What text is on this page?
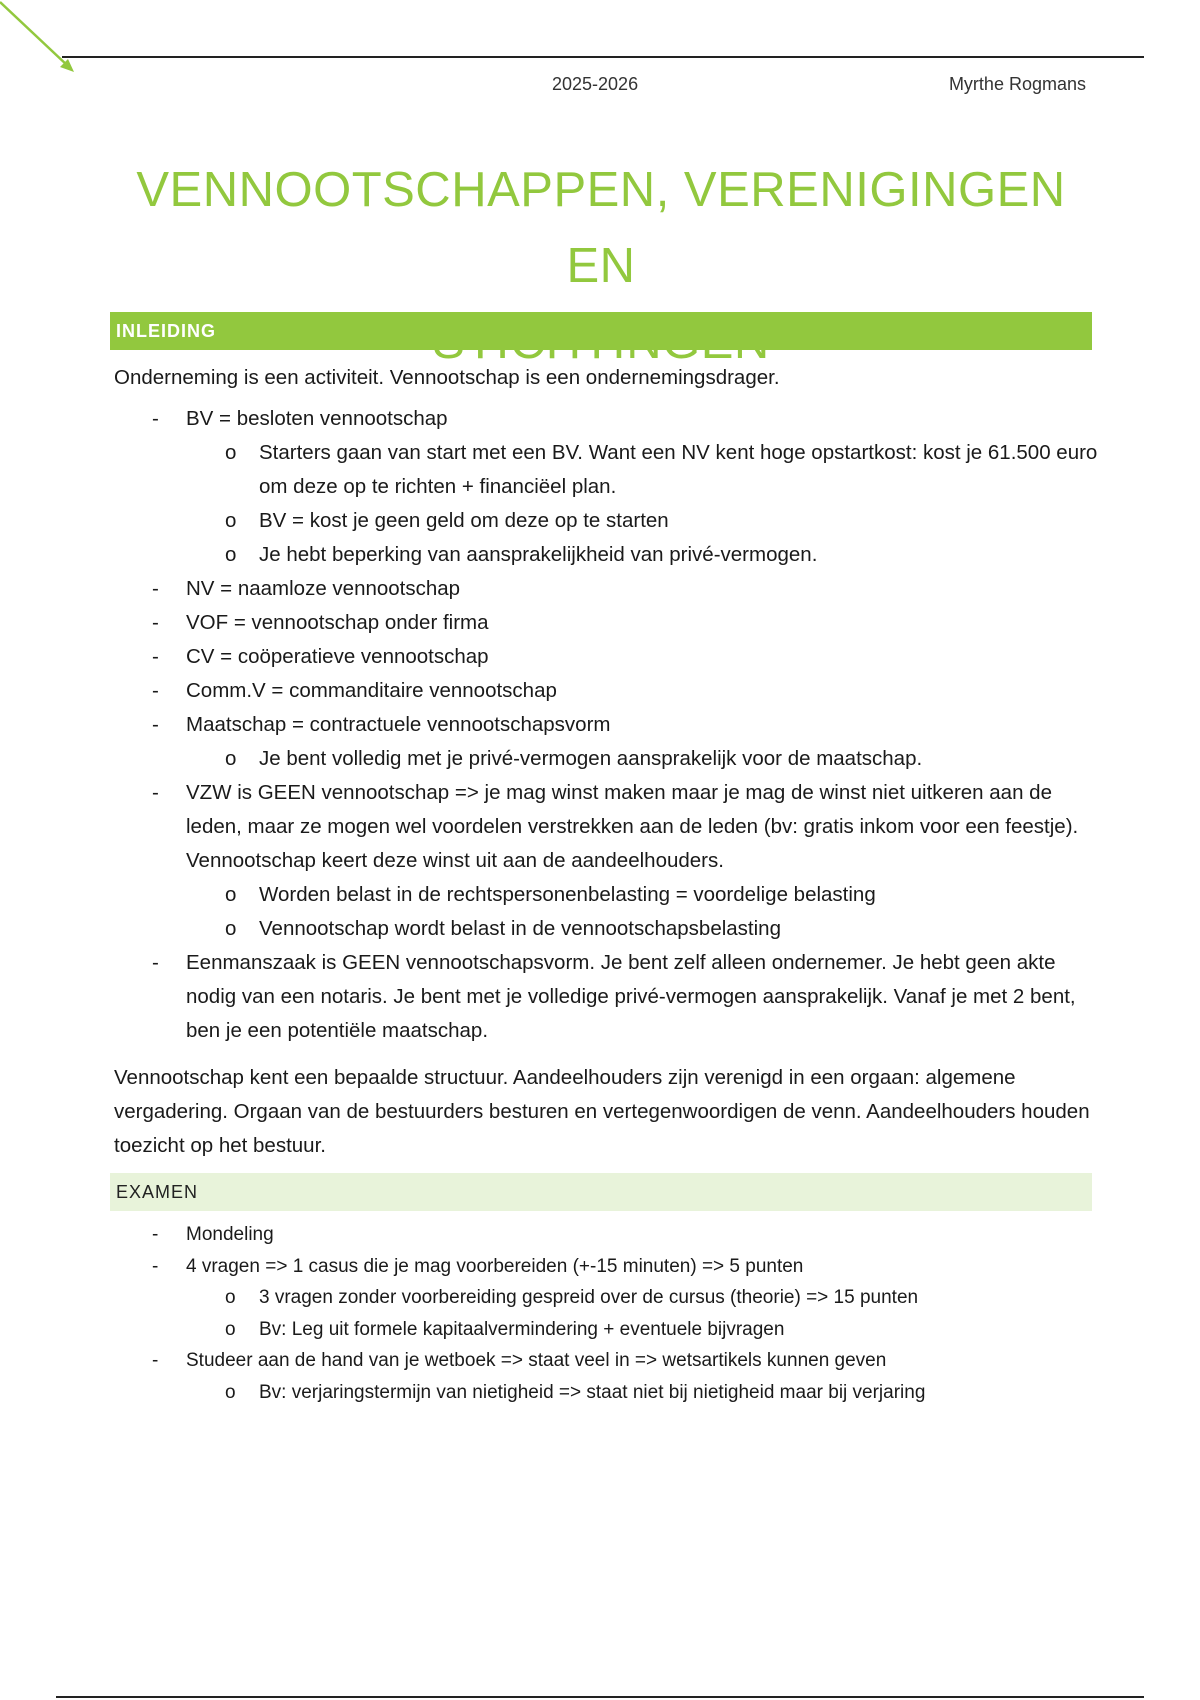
2025-2026	Myrthe Rogmans
VENNOOTSCHAPPEN, VERENIGINGEN EN

INLEIDING

Onderneming is een activiteit. Vennootschap is een ondernemingsdrager.

- BV = besloten vennootschap
o Starters gaan van start met een BV. Want een NV kent hoge opstartkost: kost je 61.500 euro om deze op te richten + financiëel plan.
o BV = kost je geen geld om deze op te starten
o Je hebt beperking van aansprakelijkheid van privé-vermogen.
- NV = naamloze vennootschap
- VOF = vennootschap onder firma
- CV = coöperatieve vennootschap
- Comm.V = commanditaire vennootschap
- Maatschap = contractuele vennootschapsvorm
o Je bent volledig met je privé-vermogen aansprakelijk voor de maatschap.
- VZW is GEEN vennootschap => je mag winst maken maar je mag de winst niet uitkeren aan de leden, maar ze mogen wel voordelen verstrekken aan de leden (bv: gratis inkom voor een feestje). Vennootschap keert deze winst uit aan de aandeelhouders.
o Worden belast in de rechtspersonenbelasting = voordelige belasting
o Vennootschap wordt belast in de vennootschapsbelasting
- Eenmanszaak is GEEN vennootschapsvorm. Je bent zelf alleen ondernemer. Je hebt geen akte nodig van een notaris. Je bent met je volledige privé-vermogen aansprakelijk. Vanaf je met 2 bent, ben je een potentiële maatschap.

Vennootschap kent een bepaalde structuur. Aandeelhouders zijn verenigd in een orgaan: algemene vergadering. Orgaan van de bestuurders besturen en vertegenwoordigen de venn. Aandeelhouders houden toezicht op het bestuur.

EXAMEN
- Mondeling
- 4 vragen => 1 casus die je mag voorbereiden (+-15 minuten) => 5 punten
o 3 vragen zonder voorbereiding gespreid over de cursus (theorie) => 15 punten
o Bv: Leg uit formele kapitaalvermindering + eventuele bijvragen
- Studeer aan de hand van je wetboek => staat veel in => wetsartikels kunnen geven
o Bv: verjaringstermijn van nietigheid => staat niet bij nietigheid maar bij verjaring
